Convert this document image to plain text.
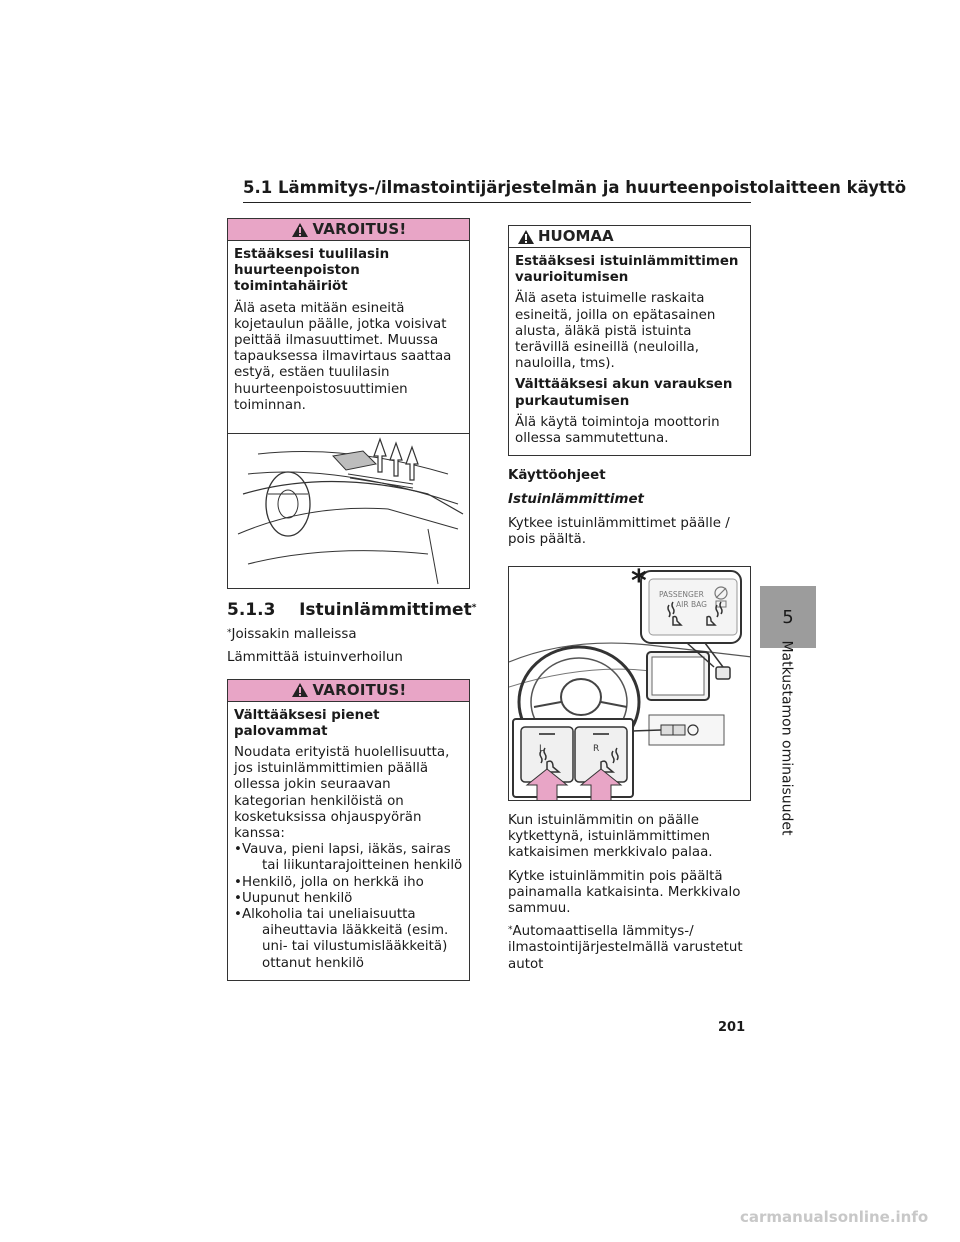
5.1 Lämmitys-/ilmastointijärjestelmän ja huurteenpoistolaitteen käyttö
VAROITUS!

Estääksesi tuulilasin huurteenpoiston toimintahäiriöt

Älä aseta mitään esineitä kojetaulun päälle, jotka voisivat peittää ilmasuuttimet. Muussa tapauksessa ilmavirtaus saattaa estyä, estäen tuulilasin huurteenpoistosuuttimien toiminnan.

5.1.3 Istuinlämmittimet*

*Joissakin malleissa

Lämmittää istuinverhoilun

VAROITUS!

Välttääksesi pienet palovammat

Noudata erityistä huolellisuutta, jos istuinlämmittimien päällä ollessa jokin seuraavan kategorian henkilöistä on kosketuksissa ohjauspyörän kanssa:

• Vauva, pieni lapsi, iäkäs, sairas tai liikuntarajoitteinen henkilö
• Henkilö, jolla on herkkä iho
• Uupunut henkilö
• Alkoholia tai uneliaisuutta aiheuttavia lääkkeitä (esim. uni- tai vilustumislääkkeitä) ottanut henkilö
HUOMAA

Estääksesi istuinlämmittimen vaurioitumisen

Älä aseta istuimelle raskaita esineitä, joilla on epätasainen alusta, äläkä pistä istuinta terävillä esineillä (neuloilla, nauloilla, tms).

Välttääksesi akun varauksen purkautumisen

Älä käytä toimintoja moottorin ollessa sammutettuna.

Käyttöohjeet

Istuinlämmittimet

Kytkee istuinlämmittimet päälle / pois päältä.

* PASSENGER
AIR BAG
L	R

Kun istuinlämmitin on päälle kytkettynä, istuinlämmittimen katkaisimen merkkivalo palaa.

Kytke istuinlämmitin pois päältä painamalla katkaisinta. Merkkivalo sammuu.

*Automaattisella lämmitys-/ ilmastointijärjestelmällä varustetut autot

5
Matkustamon ominaisuudet
201
carmanualsonline.info
